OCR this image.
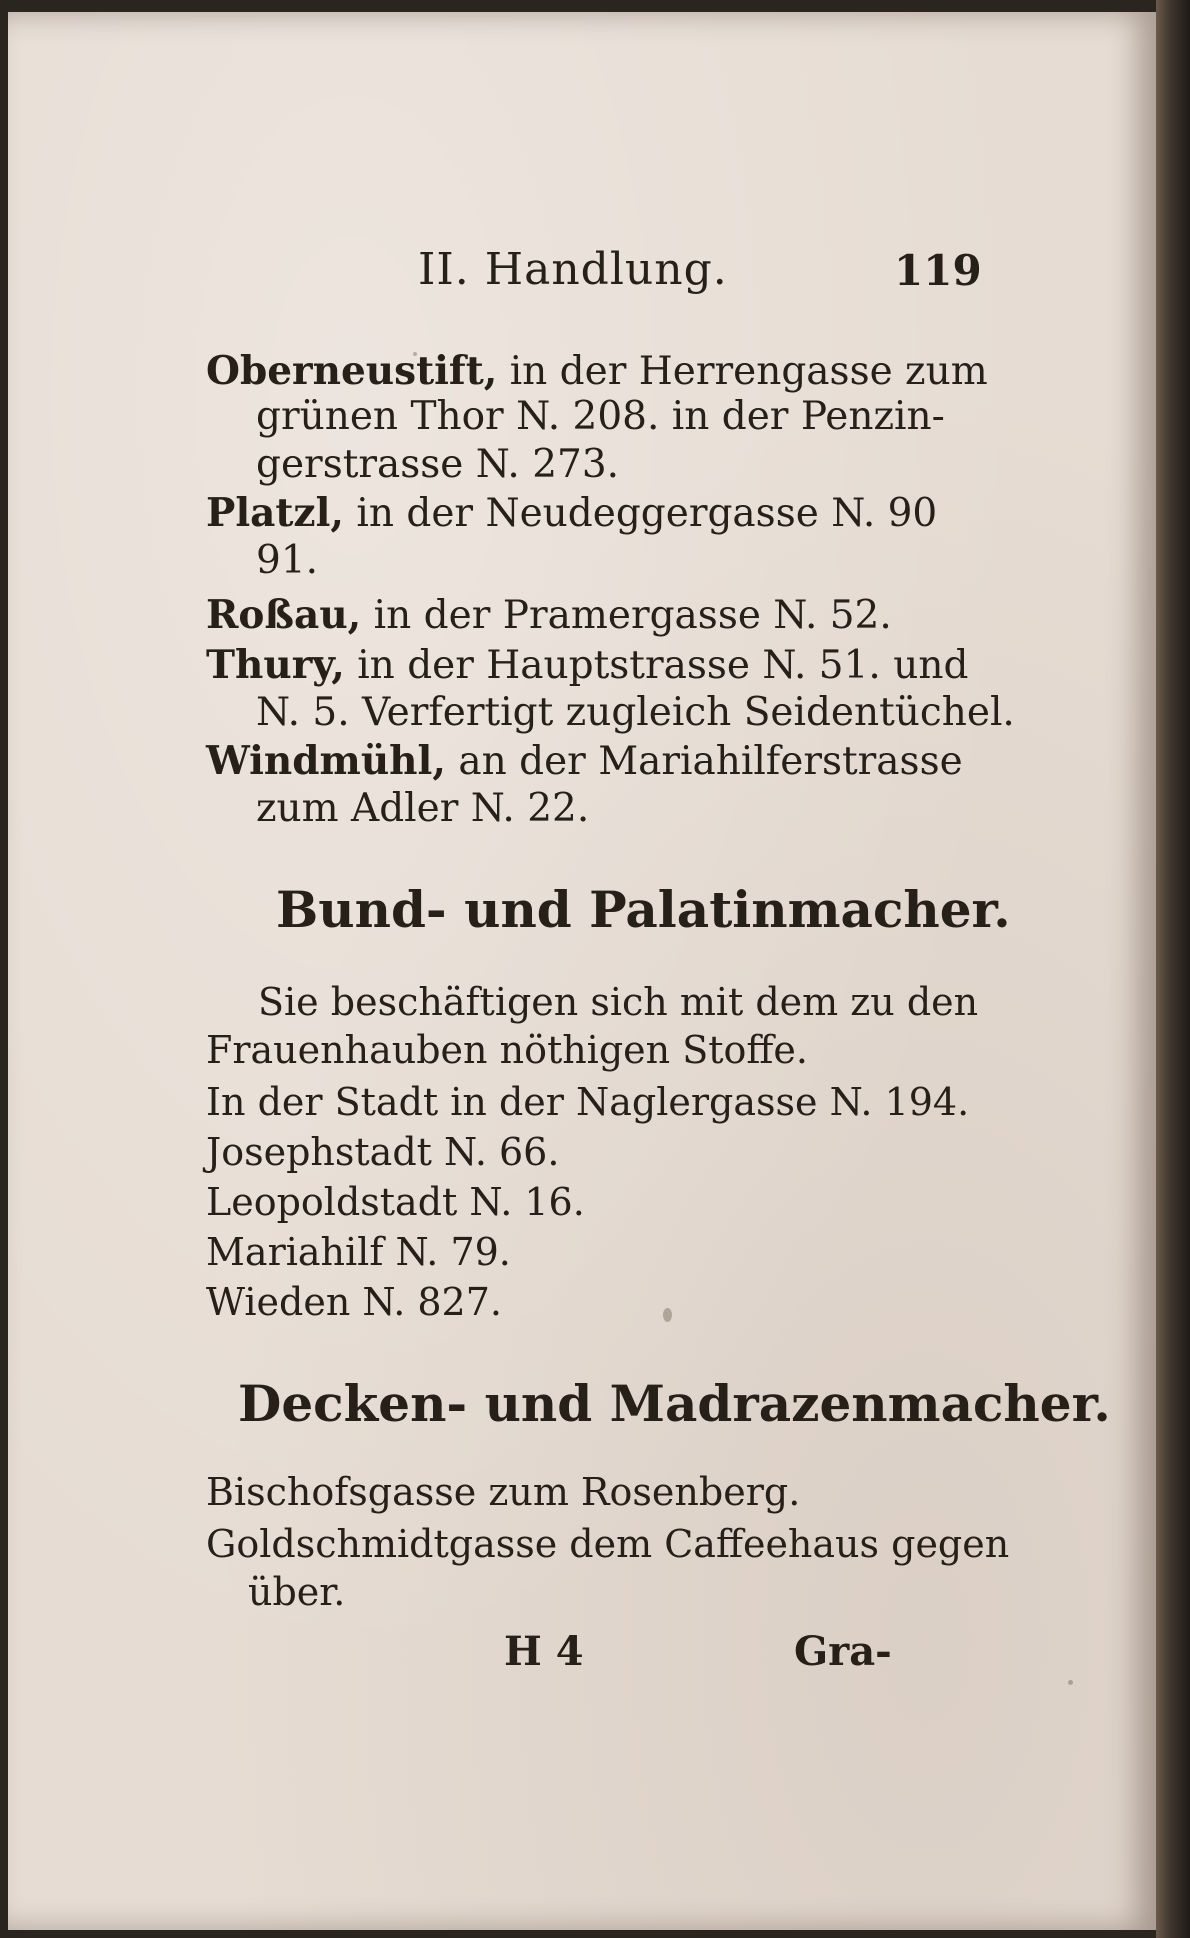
II. Handlung.	119
Oberneustift, in der Herrengasse zum
grünen Thor N. 208. in der Penzin-
gerstrasse N. 273.
Platzl, in der Neudeggergasse N. 90
91.
Roßau, in der Pramergasse N. 52.
Thury, in der Hauptstrasse N. 51. und
N. 5. Verfertigt zugleich Seidentüchel.
Windmühl, an der Mariahilferstrasse
zum Adler N. 22.
Bund- und Palatinmacher.
Sie beschäftigen sich mit dem zu den
Frauenhauben nöthigen Stoffe.
In der Stadt in der Naglergasse N. 194.
Josephstadt N. 66.
Leopoldstadt N. 16.
Mariahilf N. 79.
Wieden N. 827.
Decken- und Madrazenmacher.
Bischofsgasse zum Rosenberg.
Goldschmidtgasse dem Caffeehaus gegen
über.
H 4	Gra-
